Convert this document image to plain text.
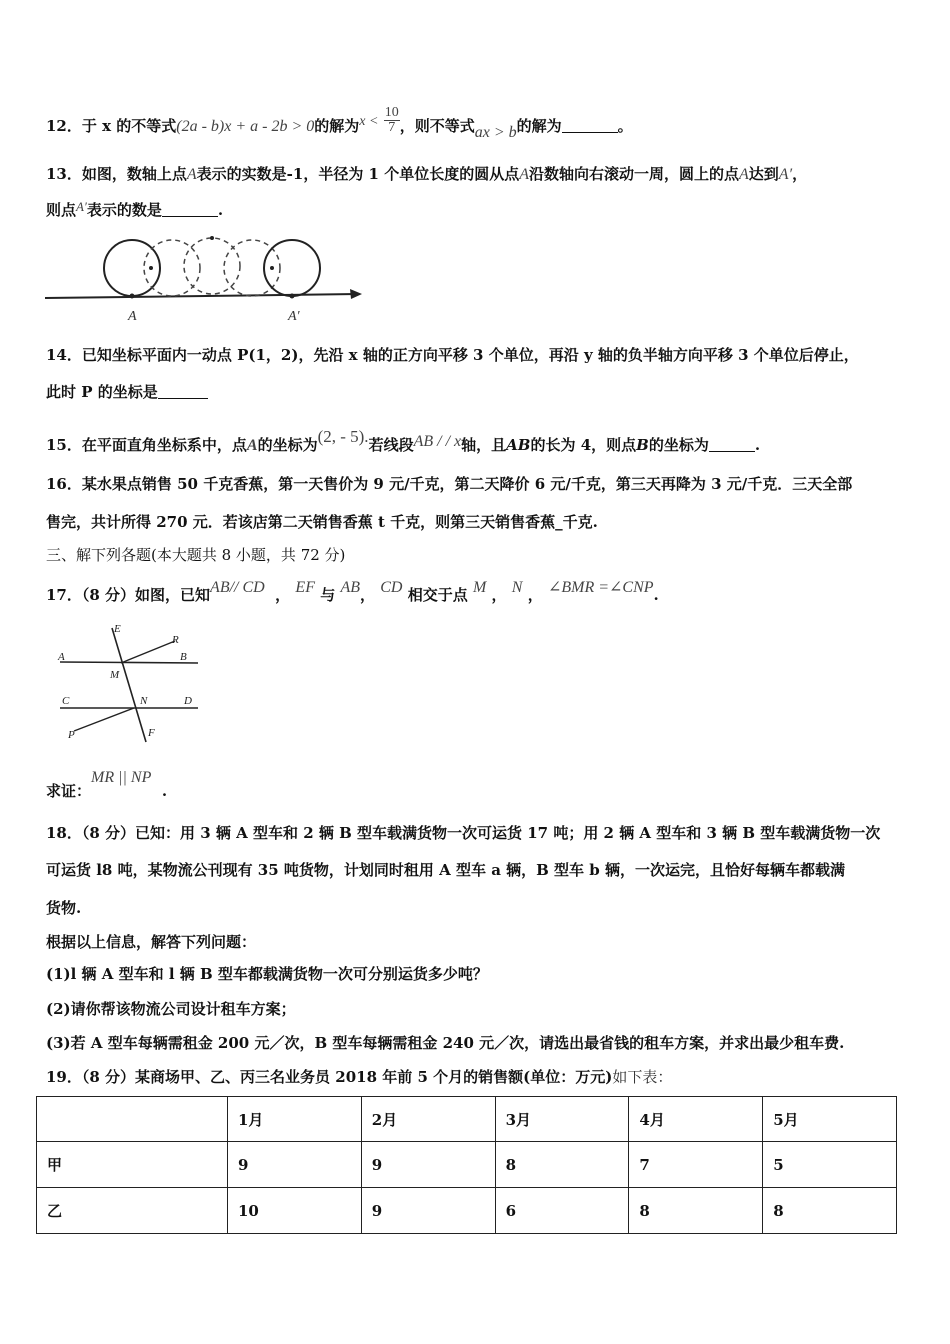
12．于 x 的不等式(2a - b)x + a - 2b > 0的解为$x < \frac{10}{7}$ ，则不等式ax > b的解为	。
13．如图，数轴上点A表示的实数是-1，半径为 1 个单位长度的圆从点A沿数轴向右滚动一周，圆上的点A达到A′，
则点A′表示的数是	.
A	A′
14．已知坐标平面内一动点 P(1，2)，先沿 x 轴的正方向平移 3 个单位，再沿 y 轴的负半轴方向平移 3 个单位后停止，
此时 P 的坐标是
15．在平面直角坐标系中，点A的坐标为(2, - 5).若线段AB / / x轴，且AB的长为 4，则点B的坐标为	.
16．某水果点销售 50 千克香蕉，第一天售价为 9 元/千克，第二天降价 6 元/千克，第三天再降为 3 元/千克．三天全部
售完，共计所得 270 元．若该店第二天销售香蕉 t 千克，则第三天销售香蕉_千克.
三、解下列各题(本大题共 8 小题，共 72 分)
17．（8 分）如图，已知AB// CD ， EF 与 AB， CD 相交于点 M ， N ， ∠BMR =∠CNP.
E
R
A	B
M
C	N	D
P	F
求证：MR || NP  .
18．（8 分）已知：用 3 辆 A 型车和 2 辆 B 型车载满货物一次可运货 17 吨；用 2 辆 A 型车和 3 辆 B 型车载满货物一次
可运货 l8 吨，某物流公刊现有 35 吨货物，计划同时租用 A 型车 a 辆，B 型车 b 辆，一次运完，且恰好每辆车都载满
货物.
根据以上信息，解答下列问题：
(1)l 辆 A 型车和 l 辆 B 型车都载满货物一次可分别运货多少吨？
(2)请你帮该物流公司设计租车方案；
(3)若 A 型车每辆需租金 200 元／次，B 型车每辆需租金 240 元／次，请选出最省钱的租车方案，并求出最少租车费.
19．（8 分）某商场甲、乙、丙三名业务员 2018 年前 5 个月的销售额(单位：万元)如下表：
	1月	2月	3月	4月	5月
甲	9	9	8	7	5
乙	10	9	6	8	8
